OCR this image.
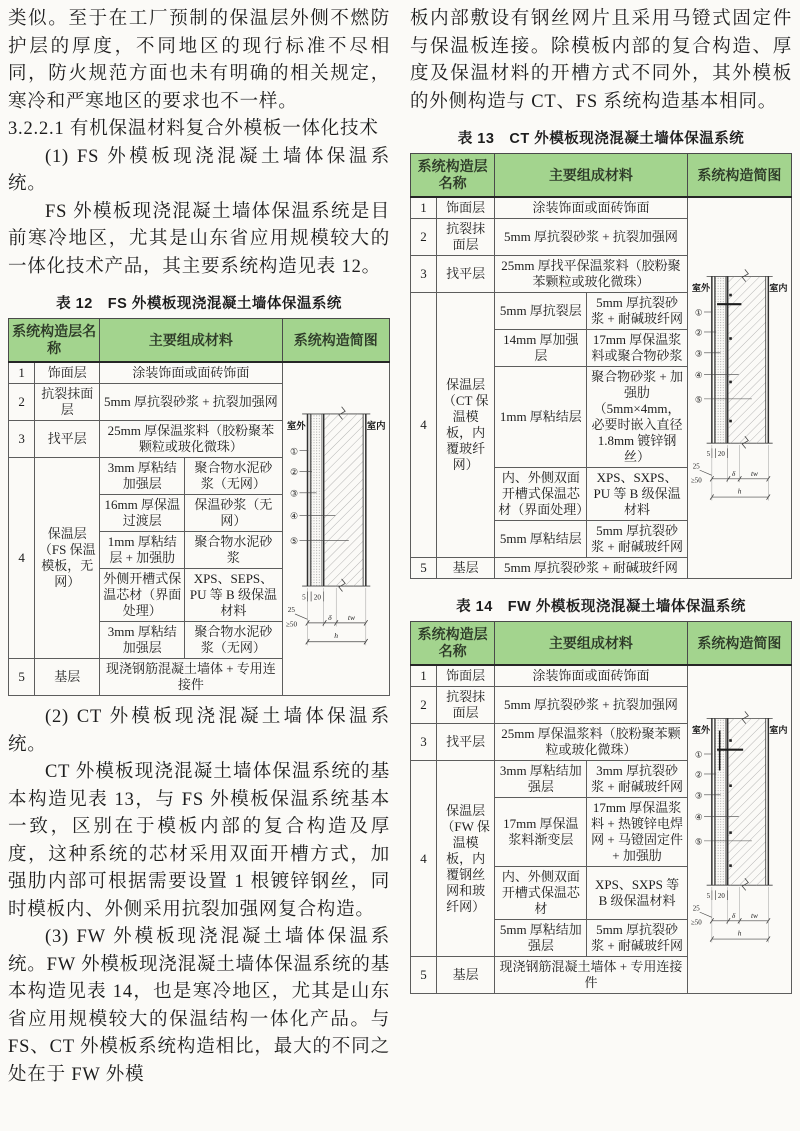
类似。至于在工厂预制的保温层外侧不燃防护层的厚度，不同地区的现行标准不尽相同，防火规范方面也未有明确的相关规定，寒冷和严寒地区的要求也不一样。

3.2.2.1 有机保温材料复合外模板一体化技术

(1) FS 外模板现浇混凝土墙体保温系统。

FS 外模板现浇混凝土墙体保温系统是目前寒冷地区，尤其是山东省应用规模较大的一体化技术产品，其主要系统构造见表 12。

表 12　FS 外模板现浇混凝土墙体保温系统
系统构造层名称		主要组成材料		系统构造简图
1	饰面层	涂装饰面或面砖饰面	
室外	室内
①
②
③
④
⑤
5 20
25
≥50
δ tw
h

2	抗裂抹面层	5mm 厚抗裂砂浆 + 抗裂加强网		
3	找平层	25mm 厚保温浆料（胶粉聚苯颗粒或玻化微珠）		
4	保温层（FS 保温模板，无网）	3mm 厚粘结加强层	聚合物水泥砂浆（无网）	
		16mm 厚保温过渡层	保温砂浆（无网）	
		1mm 厚粘结层 + 加强肋	聚合物水泥砂浆	
		外侧开槽式保温芯材（界面处理）	XPS、SEPS、PU 等 B 级保温材料	
		3mm 厚粘结加强层	聚合物水泥砂浆（无网）	
5	基层	现浇钢筋混凝土墙体 + 专用连接件		

(2) CT 外模板现浇混凝土墙体保温系统。

CT 外模板现浇混凝土墙体保温系统的基本构造见表 13，与 FS 外模板保温系统基本一致，区别在于模板内部的复合构造及厚度，这种系统的芯材采用双面开槽方式，加强肋内部可根据需要设置 1 根镀锌钢丝，同时模板内、外侧采用抗裂加强网复合构造。

(3) FW 外模板现浇混凝土墙体保温系统。FW 外模板现浇混凝土墙体保温系统的基本构造见表 14，也是寒冷地区，尤其是山东省应用规模较大的保温结构一体化产品。与 FS、CT 外模板系统构造相比，最大的不同之处在于 FW 外模

板内部敷设有钢丝网片且采用马镫式固定件与保温板连接。除模板内部的复合构造、厚度及保温材料的开槽方式不同外，其外模板的外侧构造与 CT、FS 系统构造基本相同。

表 13　CT 外模板现浇混凝土墙体保温系统
系统构造层名称		主要组成材料		系统构造简图
1	饰面层	涂装饰面或面砖饰面	
室外	室内
①
②
③
④
⑤
5 20
25
≥50
δ tw
h

2	抗裂抹面层	5mm 厚抗裂砂浆 + 抗裂加强网		
3	找平层	25mm 厚找平保温浆料（胶粉聚苯颗粒或玻化微珠）		
4	保温层（CT 保温模板，内覆玻纤网）	5mm 厚抗裂层	5mm 厚抗裂砂浆 + 耐碱玻纤网	
		14mm 厚加强层	17mm 厚保温浆料或聚合物砂浆	
		1mm 厚粘结层	聚合物砂浆 + 加强肋（5mm×4mm，必要时嵌入直径 1.8mm 镀锌钢丝）	
		内、外侧双面开槽式保温芯材（界面处理）	XPS、SXPS、PU 等 B 级保温材料	
		5mm 厚粘结层	5mm 厚抗裂砂浆 + 耐碱玻纤网	
5	基层	5mm 厚抗裂砂浆 + 耐碱玻纤网		
表 14　FW 外模板现浇混凝土墙体保温系统
系统构造层名称		主要组成材料		系统构造简图
1	饰面层	涂装饰面或面砖饰面	
室外	室内
①
②
③
④
⑤
5 20
25
≥50
δ tw
h

2	抗裂抹面层	5mm 厚抗裂砂浆 + 抗裂加强网		
3	找平层	25mm 厚保温浆料（胶粉聚苯颗粒或玻化微珠）		
4	保温层（FW 保温模板，内覆钢丝网和玻纤网）	3mm 厚粘结加强层	3mm 厚抗裂砂浆 + 耐碱玻纤网	
		17mm 厚保温浆料渐变层	17mm 厚保温浆料 + 热镀锌电焊网 + 马镫固定件 + 加强肋	
		内、外侧双面开槽式保温芯材	XPS、SXPS 等 B 级保温材料	
		5mm 厚粘结加强层	5mm 厚抗裂砂浆 + 耐碱玻纤网	
5	基层	现浇钢筋混凝土墙体 + 专用连接件		
